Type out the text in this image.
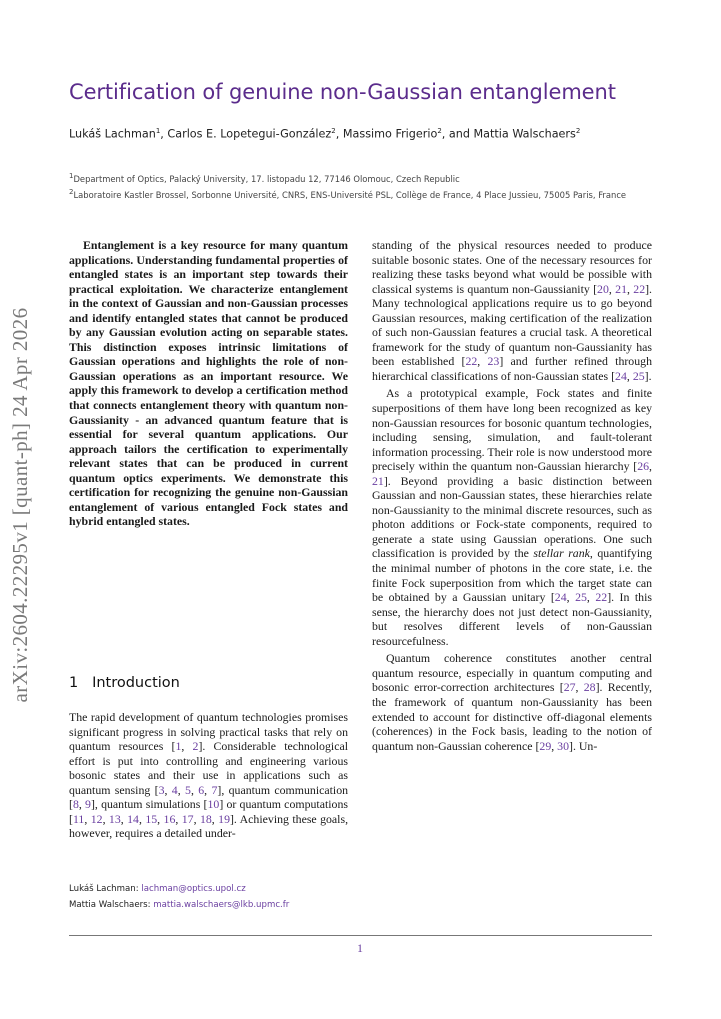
arXiv:2604.22295v1 [quant-ph] 24 Apr 2026
Certification of genuine non-Gaussian entanglement
Lukáš Lachman$^1$, Carlos E. Lopetegui-González$^2$, Massimo Frigerio$^2$, and Mattia Walschaers$^2$
$^1$Department of Optics, Palacký University, 17. listopadu 12, 77146 Olomouc, Czech Republic
$^2$Laboratoire Kastler Brossel, Sorbonne Université, CNRS, ENS-Université PSL, Collège de France, 4 Place Jussieu, 75005 Paris, France

Entanglement is a key resource for many quantum applications. Understanding fundamental properties of entangled states is an important step towards their practical exploitation. We characterize entanglement in the context of Gaussian and non-Gaussian processes and identify entangled states that cannot be produced by any Gaussian evolution acting on separable states. This distinction exposes intrinsic limitations of Gaussian operations and highlights the role of non-Gaussian operations as an important resource. We apply this framework to develop a certification method that connects entanglement theory with quantum non-Gaussianity - an advanced quantum feature that is essential for several quantum applications. Our approach tailors the certification to experimentally relevant states that can be produced in current quantum optics experiments. We demonstrate this certification for recognizing the genuine non-Gaussian entanglement of various entangled Fock states and hybrid entangled states.

1 Introduction

The rapid development of quantum technologies promises significant progress in solving practical tasks that rely on quantum resources [1, 2]. Considerable technological effort is put into controlling and engineering various bosonic states and their use in applications such as quantum sensing [3, 4, 5, 6, 7], quantum communication [8, 9], quantum simulations [10] or quantum computations [11, 12, 13, 14, 15, 16, 17, 18, 19]. Achieving these goals, however, requires a detailed under-

standing of the physical resources needed to produce suitable bosonic states. One of the necessary resources for realizing these tasks beyond what would be possible with classical systems is quantum non-Gaussianity [20, 21, 22]. Many technological applications require us to go beyond Gaussian resources, making certification of the realization of such non-Gaussian features a crucial task. A theoretical framework for the study of quantum non-Gaussianity has been established [22, 23] and further refined through hierarchical classifications of non-Gaussian states [24, 25].

As a prototypical example, Fock states and finite superpositions of them have long been recognized as key non-Gaussian resources for bosonic quantum technologies, including sensing, simulation, and fault-tolerant information processing. Their role is now understood more precisely within the quantum non-Gaussian hierarchy [26, 21]. Beyond providing a basic distinction between Gaussian and non-Gaussian states, these hierarchies relate non-Gaussianity to the minimal discrete resources, such as photon additions or Fock-state components, required to generate a state using Gaussian operations. One such classification is provided by the stellar rank, quantifying the minimal number of photons in the core state, i.e. the finite Fock superposition from which the target state can be obtained by a Gaussian unitary [24, 25, 22]. In this sense, the hierarchy does not just detect non-Gaussianity, but resolves different levels of non-Gaussian resourcefulness.

Quantum coherence constitutes another central quantum resource, especially in quantum computing and bosonic error-correction architectures [27, 28]. Recently, the framework of quantum non-Gaussianity has been extended to account for distinctive off-diagonal elements (coherences) in the Fock basis, leading to the notion of quantum non-Gaussian coherence [29, 30]. Un-

Lukáš Lachman: lachman@optics.upol.cz
Mattia Walschaers: mattia.walschaers@lkb.upmc.fr
1
